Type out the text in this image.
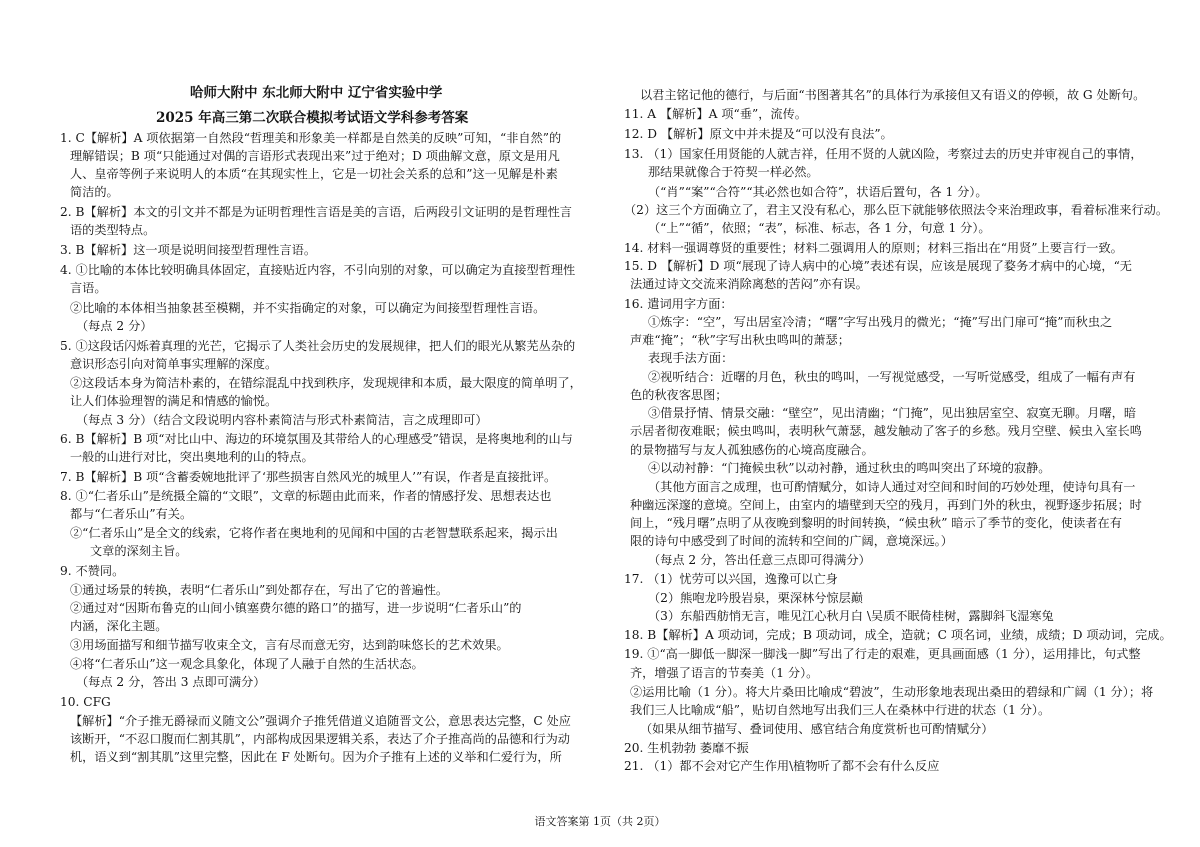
哈师大附中 东北师大附中 辽宁省实验中学
2025 年高三第二次联合模拟考试语文学科参考答案
1. C【解析】A 项依据第一自然段“哲理美和形象美一样都是自然美的反映”可知，“非自然”的
理解错误；B 项“只能通过对偶的言语形式表现出来”过于绝对；D 项曲解文意，原文是用凡
人、皇帝等例子来说明人的本质“在其现实性上，它是一切社会关系的总和”这一见解是朴素
简洁的。
2. B【解析】本文的引文并不都是为证明哲理性言语是美的言语，后两段引文证明的是哲理性言
语的类型特点。
3. B【解析】这一项是说明间接型哲理性言语。
4. ①比喻的本体比较明确具体固定，直接贴近内容，不引向别的对象，可以确定为直接型哲理性
言语。
②比喻的本体相当抽象甚至模糊，并不实指确定的对象，可以确定为间接型哲理性言语。
（每点 2 分）
5. ①这段话闪烁着真理的光芒，它揭示了人类社会历史的发展规律，把人们的眼光从繁芜丛杂的
意识形态引向对简单事实理解的深度。
②这段话本身为简洁朴素的，在错综混乱中找到秩序，发现规律和本质，最大限度的简单明了，
让人们体验理智的满足和情感的愉悦。
（每点 3 分）（结合文段说明内容朴素简洁与形式朴素简洁，言之成理即可）
6. B【解析】B 项“对比山中、海边的环境氛围及其带给人的心理感受”错误，是将奥地利的山与
一般的山进行对比，突出奥地利的山的特点。
7. B【解析】B 项“含蓄委婉地批评了‘那些损害自然风光的城里人’”有误，作者是直接批评。
8. ①“仁者乐山”是统摄全篇的“文眼”，文章的标题由此而来，作者的情感抒发、思想表达也
都与“仁者乐山”有关。
②“仁者乐山”是全文的线索，它将作者在奥地利的见闻和中国的古老智慧联系起来，揭示出
文章的深刻主旨。
9. 不赞同。
①通过场景的转换，表明“仁者乐山”到处都存在，写出了它的普遍性。
②通过对“因斯布鲁克的山间小镇塞费尔德的路口”的描写，进一步说明“仁者乐山”的
内涵，深化主题。
③用场面描写和细节描写收束全文，言有尽而意无穷，达到韵味悠长的艺术效果。
④将“仁者乐山”这一观念具象化，体现了人融于自然的生活状态。
（每点 2 分，答出 3 点即可满分）
10. CFG
【解析】“介子推无爵禄而义随文公”强调介子推凭借道义追随晋文公，意思表达完整，C 处应
该断开，“不忍口腹而仁割其肌”，内部构成因果逻辑关系，表达了介子推高尚的品德和行为动
机，语义到“割其肌”这里完整，因此在 F 处断句。因为介子推有上述的义举和仁爱行为，所
以君主铭记他的德行，与后面“书图著其名”的具体行为承接但又有语义的停顿，故 G 处断句。
11. A 【解析】A 项“垂”，流传。
12. D 【解析】原文中并未提及“可以没有良法”。
13. （1）国家任用贤能的人就吉祥，任用不贤的人就凶险，考察过去的历史并审视自己的事情，
那结果就像合于符契一样必然。
（“肖”“案”“合符”“其必然也如合符”，状语后置句，各 1 分）。
（2）这三个方面确立了，君主又没有私心，那么臣下就能够依照法令来治理政事，看着标准来行动。
（“上”“循”，依照；“表”，标准、标志，各 1 分，句意 1 分）。
14. 材料一强调尊贤的重要性；材料二强调用人的原则；材料三指出在“用贤”上要言行一致。
15. D 【解析】D 项“展现了诗人病中的心境”表述有误，应该是展现了婺务才病中的心境，“无
法通过诗文交流来消除离愁的苦闷”亦有误。
16. 遣词用字方面：
①炼字：“空”，写出居室冷清；“曙”字写出残月的微光；“掩”写出门扉可“掩”而秋虫之
声难“掩”；“秋”字写出秋虫鸣叫的萧瑟；
表现手法方面：
②视听结合：近曙的月色，秋虫的鸣叫，一写视觉感受，一写听觉感受，组成了一幅有声有
色的秋夜客思图；
③借景抒情、情景交融：“壁空”，见出清幽；“门掩”，见出独居室空、寂寞无聊。月曙，暗
示居者彻夜难眠；候虫鸣叫，表明秋气萧瑟，越发触动了客子的乡愁。残月空壁、候虫入室长鸣
的景物描写与友人孤独感伤的心境高度融合。
④以动衬静：“门掩候虫秋”以动衬静，通过秋虫的鸣叫突出了环境的寂静。
（其他方面言之成理，也可酌情赋分，如诗人通过对空间和时间的巧妙处理，使诗句具有一
种幽远深邃的意境。空间上，由室内的墙壁到天空的残月，再到门外的秋虫，视野逐步拓展；时
间上，“残月曙”点明了从夜晚到黎明的时间转换，“候虫秋” 暗示了季节的变化，使读者在有
限的诗句中感受到了时间的流转和空间的广阔，意境深远。）
（每点 2 分，答出任意三点即可得满分）
17. （1）忧劳可以兴国，逸豫可以亡身
（2）熊咆龙吟殷岩泉，栗深林兮惊层巅
（3）东船西舫悄无言，唯见江心秋月白 \吴质不眠倚桂树，露脚斜飞湿寒兔
18. B【解析】A 项动词，完成；B 项动词，成全，造就；C 项名词，业绩，成绩；D 项动词，完成。
19. ①“高一脚低一脚深一脚浅一脚”写出了行走的艰难，更具画面感（1 分），运用排比，句式整
齐，增强了语言的节奏美（1 分）。
②运用比喻（1 分）。将大片桑田比喻成“碧波”，生动形象地表现出桑田的碧绿和广阔（1 分）；将
我们三人比喻成“船”，贴切自然地写出我们三人在桑林中行进的状态（1 分）。
（如果从细节描写、叠词使用、感官结合角度赏析也可酌情赋分）
20. 生机勃勃 萎靡不振
21. （1）都不会对它产生作用\植物听了都不会有什么反应
语文答案第 1页（共 2页）
